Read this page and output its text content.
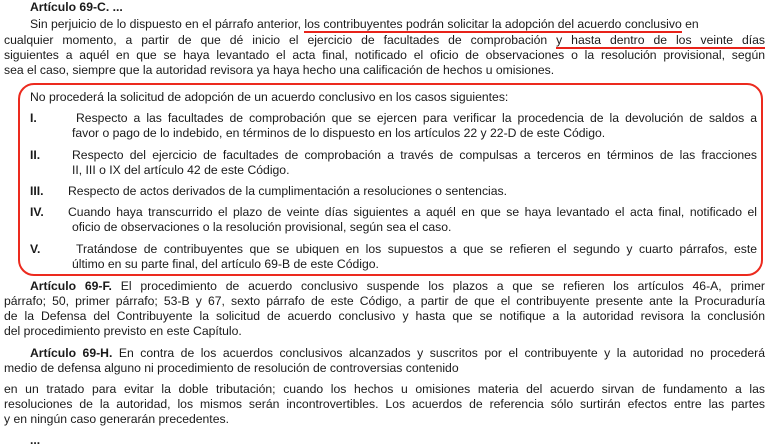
Artículo 69-C. ...
Sin perjuicio de lo dispuesto en el párrafo anterior, los contribuyentes podrán solicitar la adopción del acuerdo conclusivo en
cualquier momento, a partir de que dé inicio el ejercicio de facultades de comprobación y hasta dentro de los veinte días
siguientes a aquél en que se haya levantado el acta final, notificado el oficio de observaciones o la resolución provisional, según
sea el caso, siempre que la autoridad revisora ya haya hecho una calificación de hechos u omisiones.
No procederá la solicitud de adopción de un acuerdo conclusivo en los casos siguientes:
I.	Respecto a las facultades de comprobación que se ejercen para verificar la procedencia de la devolución de saldos a
favor o pago de lo indebido, en términos de lo dispuesto en los artículos 22 y 22-D de este Código.
II.	Respecto del ejercicio de facultades de comprobación a través de compulsas a terceros en términos de las fracciones
II, III o IX del artículo 42 de este Código.
III. Respecto de actos derivados de la cumplimentación a resoluciones o sentencias.
IV. Cuando haya transcurrido el plazo de veinte días siguientes a aquél en que se haya levantado el acta final, notificado el
oficio de observaciones o la resolución provisional, según sea el caso.
V.	Tratándose de contribuyentes que se ubiquen en los supuestos a que se refieren el segundo y cuarto párrafos, este
último en su parte final, del artículo 69-B de este Código.
Artículo 69-F. El procedimiento de acuerdo conclusivo suspende los plazos a que se refieren los artículos 46-A, primer
párrafo; 50, primer párrafo; 53-B y 67, sexto párrafo de este Código, a partir de que el contribuyente presente ante la Procuraduría
de la Defensa del Contribuyente la solicitud de acuerdo conclusivo y hasta que se notifique a la autoridad revisora la conclusión
del procedimiento previsto en este Capítulo.
Artículo 69-H. En contra de los acuerdos conclusivos alcanzados y suscritos por el contribuyente y la autoridad no procederá
medio de defensa alguno ni procedimiento de resolución de controversias contenido
en un tratado para evitar la doble tributación; cuando los hechos u omisiones materia del acuerdo sirvan de fundamento a las
resoluciones de la autoridad, los mismos serán incontrovertibles. Los acuerdos de referencia sólo surtirán efectos entre las partes
y en ningún caso generarán precedentes.
...
